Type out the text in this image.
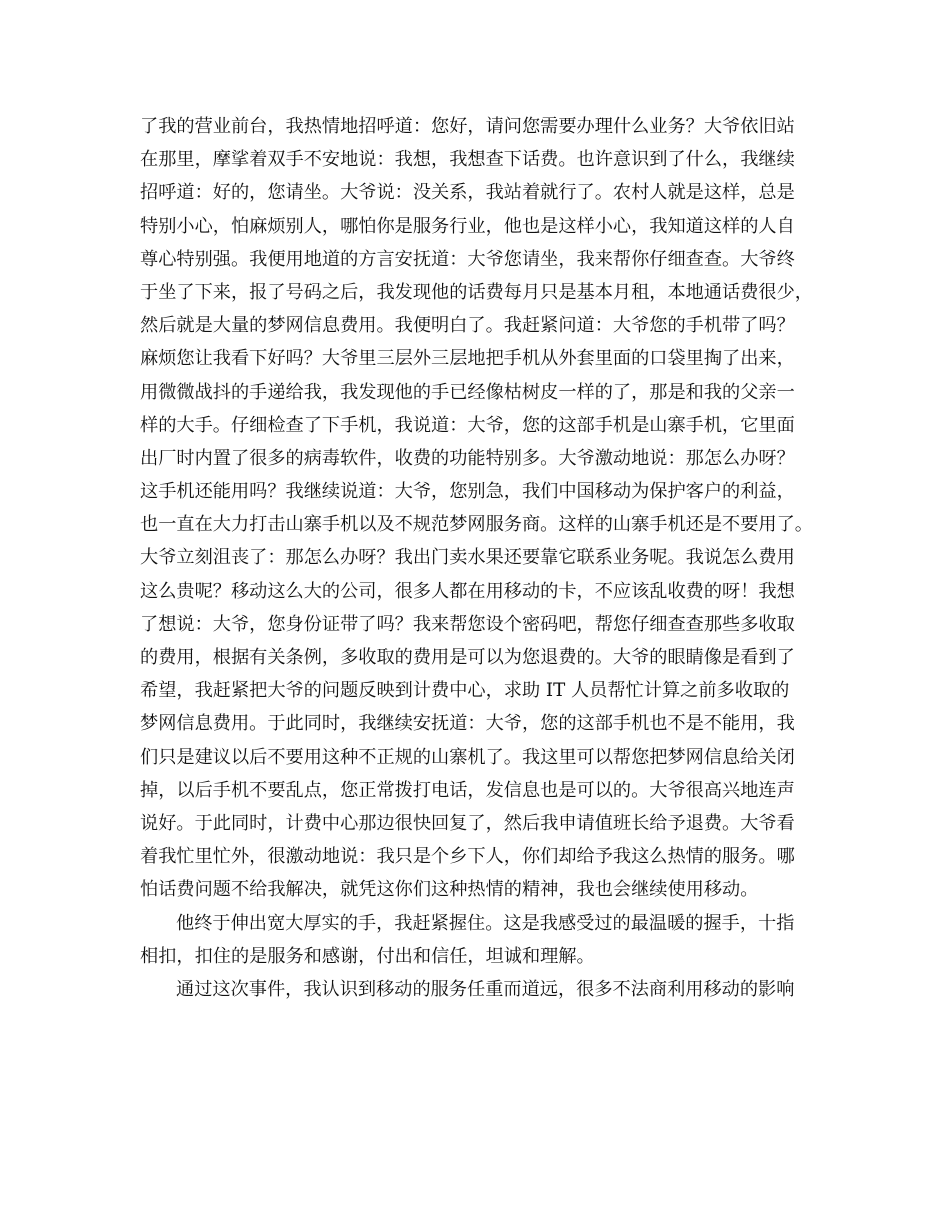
了我的营业前台，我热情地招呼道：您好，请问您需要办理什么业务？大爷依旧站
在那里，摩挲着双手不安地说：我想，我想查下话费。也许意识到了什么，我继续
招呼道：好的，您请坐。大爷说：没关系，我站着就行了。农村人就是这样，总是
特别小心，怕麻烦别人，哪怕你是服务行业，他也是这样小心，我知道这样的人自
尊心特别强。我便用地道的方言安抚道：大爷您请坐，我来帮你仔细查查。大爷终
于坐了下来，报了号码之后，我发现他的话费每月只是基本月租，本地通话费很少，
然后就是大量的梦网信息费用。我便明白了。我赶紧问道：大爷您的手机带了吗？
麻烦您让我看下好吗？大爷里三层外三层地把手机从外套里面的口袋里掏了出来，
用微微战抖的手递给我，我发现他的手已经像枯树皮一样的了，那是和我的父亲一
样的大手。仔细检查了下手机，我说道：大爷，您的这部手机是山寨手机，它里面
出厂时内置了很多的病毒软件，收费的功能特别多。大爷激动地说：那怎么办呀？
这手机还能用吗？我继续说道：大爷，您别急，我们中国移动为保护客户的利益，
也一直在大力打击山寨手机以及不规范梦网服务商。这样的山寨手机还是不要用了。
大爷立刻沮丧了：那怎么办呀？我出门卖水果还要靠它联系业务呢。我说怎么费用
这么贵呢？移动这么大的公司，很多人都在用移动的卡，不应该乱收费的呀！我想
了想说：大爷，您身份证带了吗？我来帮您设个密码吧，帮您仔细查查那些多收取
的费用，根据有关条例，多收取的费用是可以为您退费的。大爷的眼睛像是看到了
希望，我赶紧把大爷的问题反映到计费中心，求助 IT 人员帮忙计算之前多收取的
梦网信息费用。于此同时，我继续安抚道：大爷，您的这部手机也不是不能用，我
们只是建议以后不要用这种不正规的山寨机了。我这里可以帮您把梦网信息给关闭
掉，以后手机不要乱点，您正常拨打电话，发信息也是可以的。大爷很高兴地连声
说好。于此同时，计费中心那边很快回复了，然后我申请值班长给予退费。大爷看
着我忙里忙外，很激动地说：我只是个乡下人，你们却给予我这么热情的服务。哪
怕话费问题不给我解决，就凭这你们这种热情的精神，我也会继续使用移动。
他终于伸出宽大厚实的手，我赶紧握住。这是我感受过的最温暖的握手，十指
相扣，扣住的是服务和感谢，付出和信任，坦诚和理解。
通过这次事件，我认识到移动的服务任重而道远，很多不法商利用移动的影响
